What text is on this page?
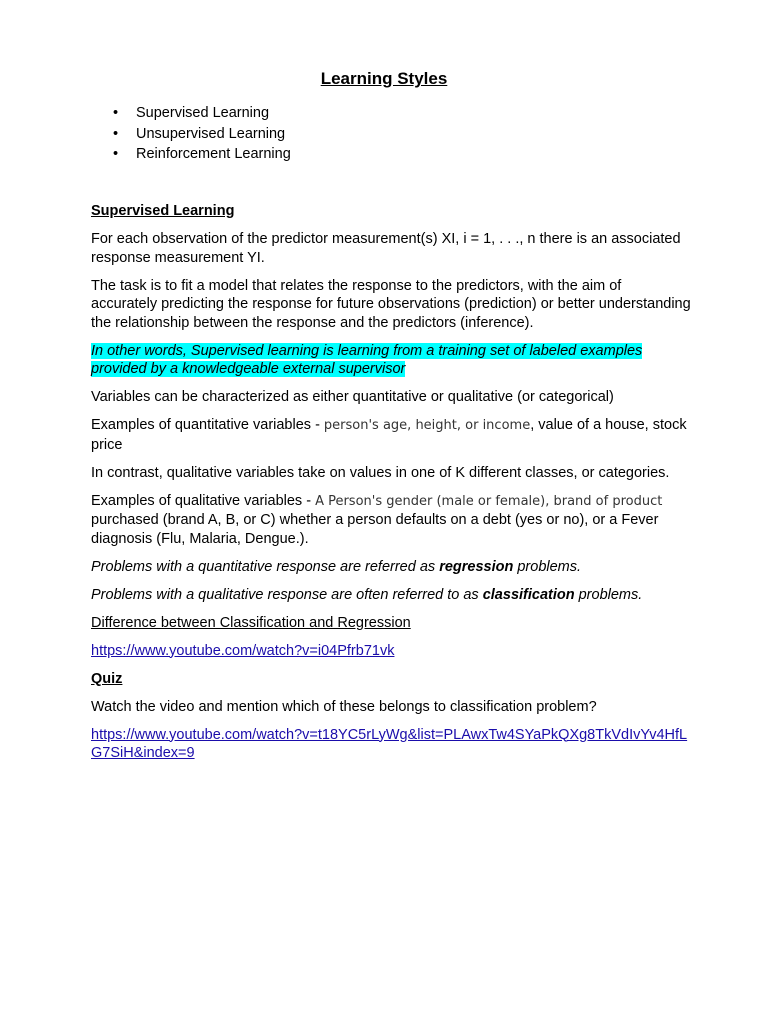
Learning Styles
• Supervised Learning
• Unsupervised Learning
• Reinforcement Learning

Supervised Learning

For each observation of the predictor measurement(s) XI, i = 1, . . ., n there is an associated response measurement YI.

The task is to fit a model that relates the response to the predictors, with the aim of accurately predicting the response for future observations (prediction) or better understanding the relationship between the response and the predictors (inference).

In other words, Supervised learning is learning from a training set of labeled examples provided by a knowledgeable external supervisor

Variables can be characterized as either quantitative or qualitative (or categorical)

Examples of quantitative variables - person's age, height, or income, value of a house, stock price

In contrast, qualitative variables take on values in one of K different classes, or categories.

Examples of qualitative variables - A Person's gender (male or female), brand of product purchased (brand A, B, or C) whether a person defaults on a debt (yes or no), or a Fever diagnosis (Flu, Malaria, Dengue.).

Problems with a quantitative response are referred as regression problems.

Problems with a qualitative response are often referred to as classification problems.

Difference between Classification and Regression

https://www.youtube.com/watch?v=i04Pfrb71vk

Quiz

Watch the video and mention which of these belongs to classification problem?

https://www.youtube.com/watch?v=t18YC5rLyWg&list=PLAwxTw4SYaPkQXg8TkVdIvYv4HfLG7SiH&index=9
